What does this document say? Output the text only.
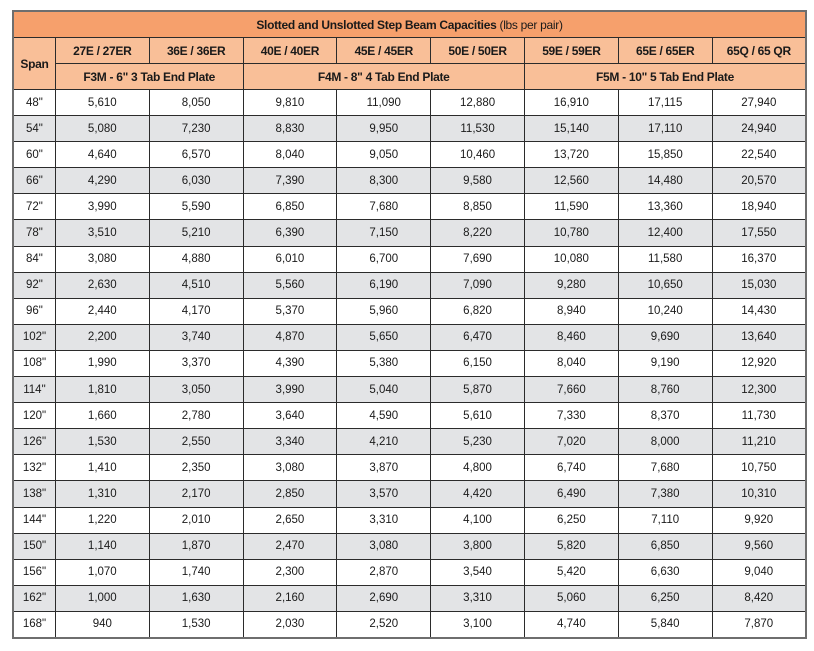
Slotted and Unslotted Step Beam Capacities (lbs per pair)								
Span	27E / 27ER	36E / 36ER	40E / 40ER	45E / 45ER	50E / 50ER	59E / 59ER	65E / 65ER	65Q / 65 QR
	F3M - 6" 3 Tab End Plate		F4M - 8" 4 Tab End Plate			F5M - 10" 5 Tab End Plate		
48"	5,610	8,050	9,810	11,090	12,880	16,910	17,115	27,940
54"	5,080	7,230	8,830	9,950	11,530	15,140	17,110	24,940
60"	4,640	6,570	8,040	9,050	10,460	13,720	15,850	22,540
66"	4,290	6,030	7,390	8,300	9,580	12,560	14,480	20,570
72"	3,990	5,590	6,850	7,680	8,850	11,590	13,360	18,940
78"	3,510	5,210	6,390	7,150	8,220	10,780	12,400	17,550
84"	3,080	4,880	6,010	6,700	7,690	10,080	11,580	16,370
92"	2,630	4,510	5,560	6,190	7,090	9,280	10,650	15,030
96"	2,440	4,170	5,370	5,960	6,820	8,940	10,240	14,430
102"	2,200	3,740	4,870	5,650	6,470	8,460	9,690	13,640
108"	1,990	3,370	4,390	5,380	6,150	8,040	9,190	12,920
114"	1,810	3,050	3,990	5,040	5,870	7,660	8,760	12,300
120"	1,660	2,780	3,640	4,590	5,610	7,330	8,370	11,730
126"	1,530	2,550	3,340	4,210	5,230	7,020	8,000	11,210
132"	1,410	2,350	3,080	3,870	4,800	6,740	7,680	10,750
138"	1,310	2,170	2,850	3,570	4,420	6,490	7,380	10,310
144"	1,220	2,010	2,650	3,310	4,100	6,250	7,110	9,920
150"	1,140	1,870	2,470	3,080	3,800	5,820	6,850	9,560
156"	1,070	1,740	2,300	2,870	3,540	5,420	6,630	9,040
162"	1,000	1,630	2,160	2,690	3,310	5,060	6,250	8,420
168"	940	1,530	2,030	2,520	3,100	4,740	5,840	7,870
